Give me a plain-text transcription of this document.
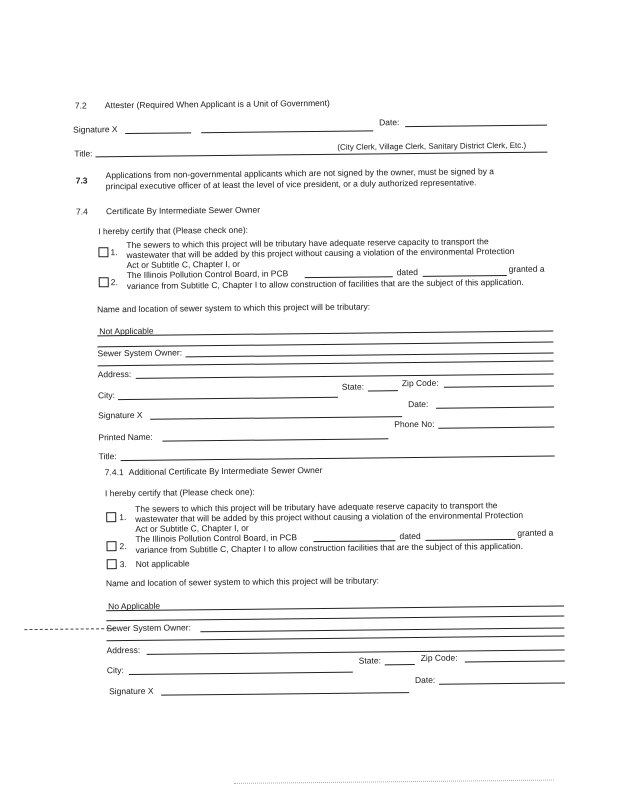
7.2 Attester (Required When Applicant is a Unit of Government)
Signature X
Date:
Title:
(City Clerk, Village Clerk, Sanitary District Clerk, Etc.)
7.3
Applications from non-governmental applicants which are not signed by the owner, must be signed by a
principal executive officer of at least the level of vice president, or a duly authorized representative.
7.4 Certificate By Intermediate Sewer Owner
I hereby certify that (Please check one):
1.
The sewers to which this project will be tributary have adequate reserve capacity to transport the
wastewater that will be added by this project without causing a violation of the environmental Protection
Act or Subtitle C, Chapter I, or
2.
The Illinois Pollution Control Board, in PCB	dated	granted a
variance from Subtitle C, Chapter I to allow construction of facilities that are the subject of this application.
Name and location of sewer system to which this project will be tributary:
Not Applicable
Sewer System Owner:
Address:
City:
State:	Zip Code:
Signature X
Date:
Printed Name:
Phone No:
Title:
7.4.1 Additional Certificate By Intermediate Sewer Owner
I hereby certify that (Please check one):
1.
The sewers to which this project will be tributary have adequate reserve capacity to transport the
wastewater that will be added by this project without causing a violation of the environmental Protection
Act or Subtitle C, Chapter I, or
2.
The Illinois Pollution Control Board, in PCB	dated	granted a
variance from Subtitle C, Chapter I to allow construction facilities that are the subject of this application.
3. Not applicable
Name and location of sewer system to which this project will be tributary:
No Applicable
Sewer System Owner:
Address:
City:
State:	Zip Code:
Signature X
Date:
